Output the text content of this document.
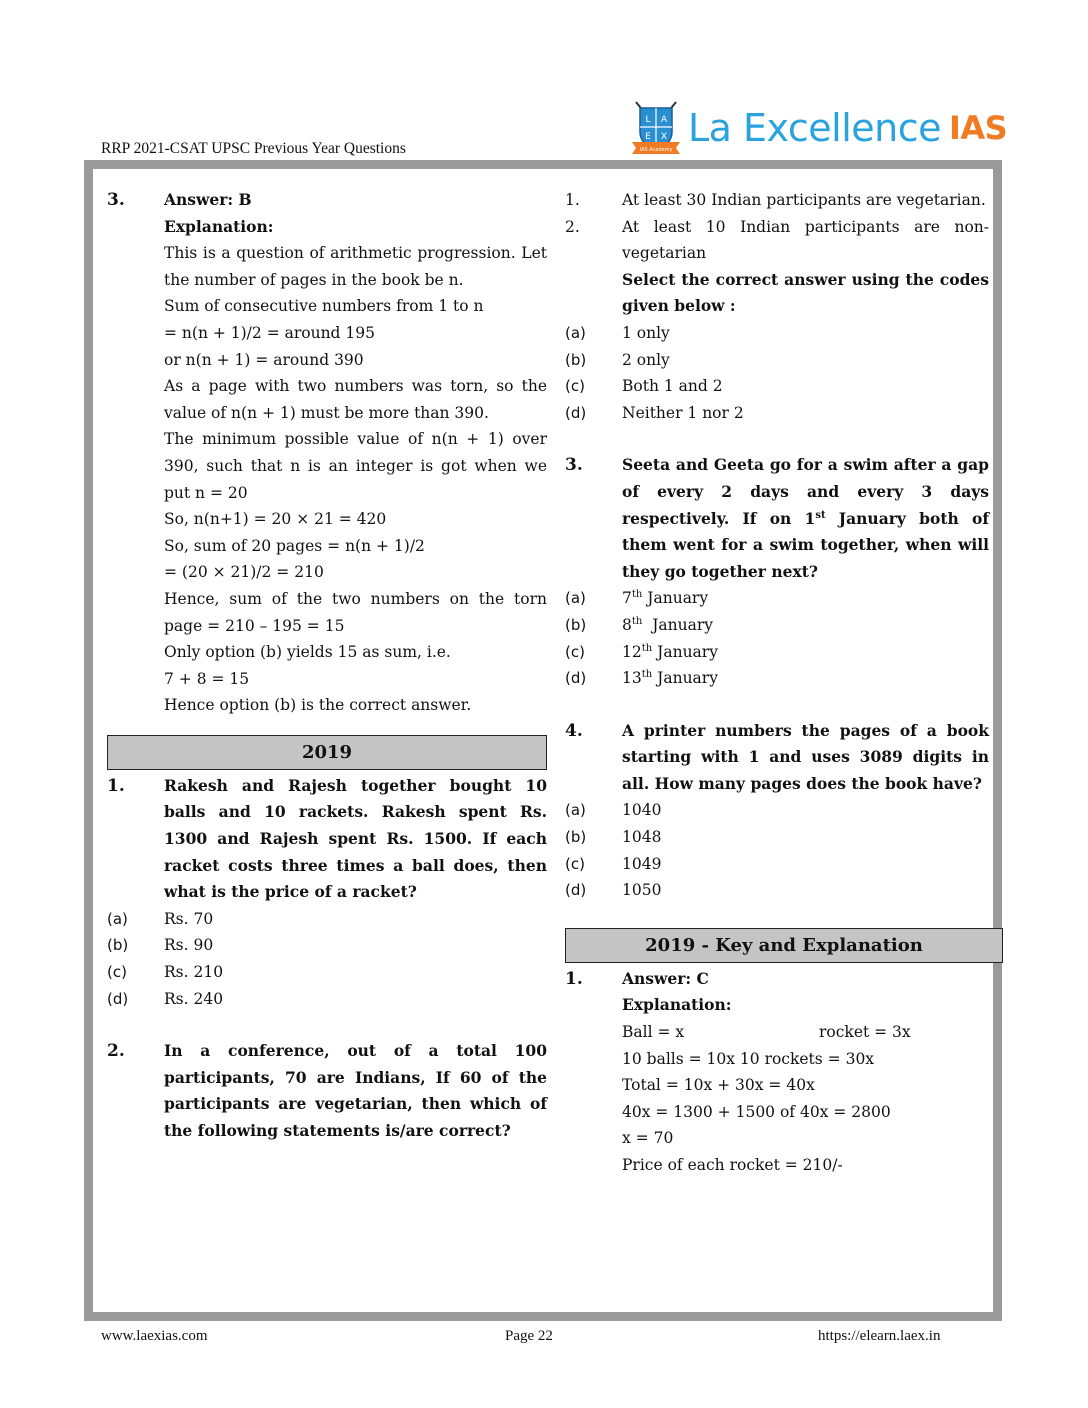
RRP 2021-CSAT UPSC Previous Year Questions
L A
E X
IAS Academy La Excellence IAS
3.	Answer: B
Explanation:
This is a question of arithmetic progression. Let the number of pages in the book be n.
Sum of consecutive numbers from 1 to n
= n(n + 1)/2 = around 195
or n(n + 1) = around 390
As a page with two numbers was torn, so the value of n(n + 1) must be more than 390.
The minimum possible value of n(n + 1) over 390, such that n is an integer is got when we put n = 20
So, n(n+1) = 20 × 21 = 420
So, sum of 20 pages = n(n + 1)/2
= (20 × 21)/2 = 210
Hence, sum of the two numbers on the torn page = 210 – 195 = 15
Only option (b) yields 15 as sum, i.e.
7 + 8 = 15
Hence option (b) is the correct answer.
2019
1.	Rakesh and Rajesh together bought 10 balls and 10 rackets. Rakesh spent Rs. 1300 and Rajesh spent Rs. 1500. If each racket costs three times a ball does, then what is the price of a racket?
(a)	Rs. 70
(b)	Rs. 90
(c)	Rs. 210
(d)	Rs. 240
2.	In a conference, out of a total 100 participants, 70 are Indians, If 60 of the participants are vegetarian, then which of the following statements is/are correct?
1.	At least 30 Indian participants are vegetarian.
2.	At least 10 Indian participants are non-vegetarian
Select the correct answer using the codes given below :
(a)	1 only
(b)	2 only
(c)	Both 1 and 2
(d)	Neither 1 nor 2
3.	Seeta and Geeta go for a swim after a gap of every 2 days and every 3 days respectively. If on 1st January both of them went for a swim together, when will they go together next?
(a)	7th January
(b)	8th  January
(c)	12th January
(d)	13th January
4.	A printer numbers the pages of a book starting with 1 and uses 3089 digits in all. How many pages does the book have?
(a)	1040
(b)	1048
(c)	1049
(d)	1050
2019 - Key and Explanation
1.	Answer: C
Explanation:
Ball = x	rocket = 3x
10 balls = 10x 10 rockets = 30x
Total = 10x + 30x = 40x
40x = 1300 + 1500 of 40x = 2800
x = 70
Price of each rocket = 210/-
www.laexias.com	Page 22	https://elearn.laex.in
